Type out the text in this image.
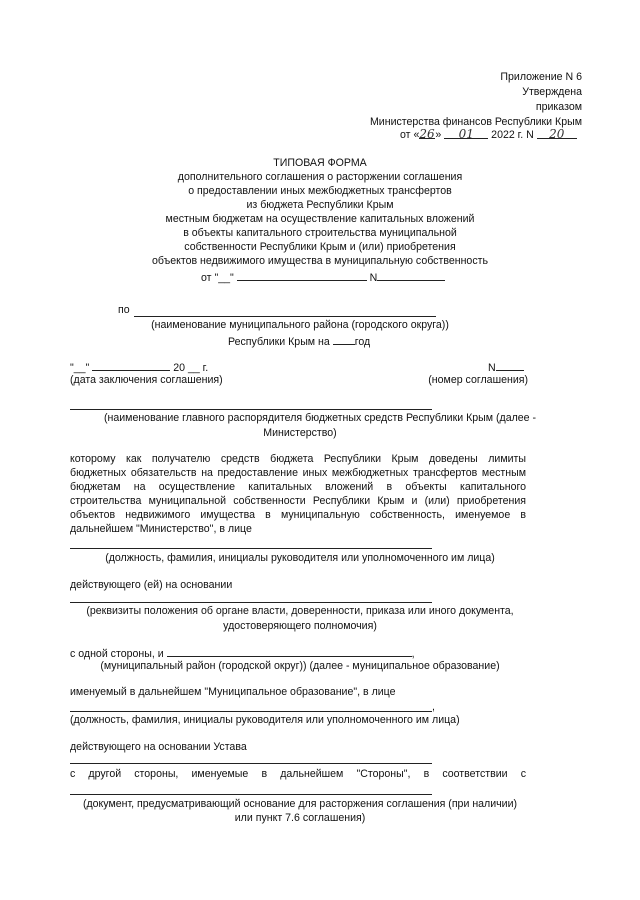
Приложение N 6
Утверждена
приказом
Министерства финансов Республики Крым
от «26» 01 2022 г. N 20
ТИПОВАЯ ФОРМА
дополнительного соглашения о расторжении соглашения
о предоставлении иных межбюджетных трансфертов
из бюджета Республики Крым
местным бюджетам на осуществление капитальных вложений
в объекты капитального строительства муниципальной
собственности Республики Крым и (или) приобретения
объектов недвижимого имущества в муниципальную собственность
от "__"	N
по
(наименование муниципального района (городского округа))
Республики Крым на год
"__"	20 __ г.	N
(дата заключения соглашения)	(номер соглашения)
(наименование главного распорядителя бюджетных средств Республики Крым (далее -
Министерство)
которому как получателю средств бюджета Республики Крым доведены лимиты
бюджетных обязательств на предоставление иных межбюджетных трансфертов местным
бюджетам на осуществление капитальных вложений в объекты капитального
строительства муниципальной собственности Республики Крым и (или) приобретения
объектов недвижимого имущества в муниципальную собственность, именуемое в
дальнейшем "Министерство", в лице
(должность, фамилия, инициалы руководителя или уполномоченного им лица)
действующего (ей) на основании
(реквизиты положения об органе власти, доверенности, приказа или иного документа,
удостоверяющего полномочия)
с одной стороны, и	,
(муниципальный район (городской округ)) (далее - муниципальное образование)
именуемый в дальнейшем "Муниципальное образование", в лице
,
(должность, фамилия, инициалы руководителя или уполномоченного им лица)
действующего на основании Устава
с другой стороны, именуемые в дальнейшем "Стороны", в соответствии с
(документ, предусматривающий основание для расторжения соглашения (при наличии)
или пункт 7.6 соглашения)
